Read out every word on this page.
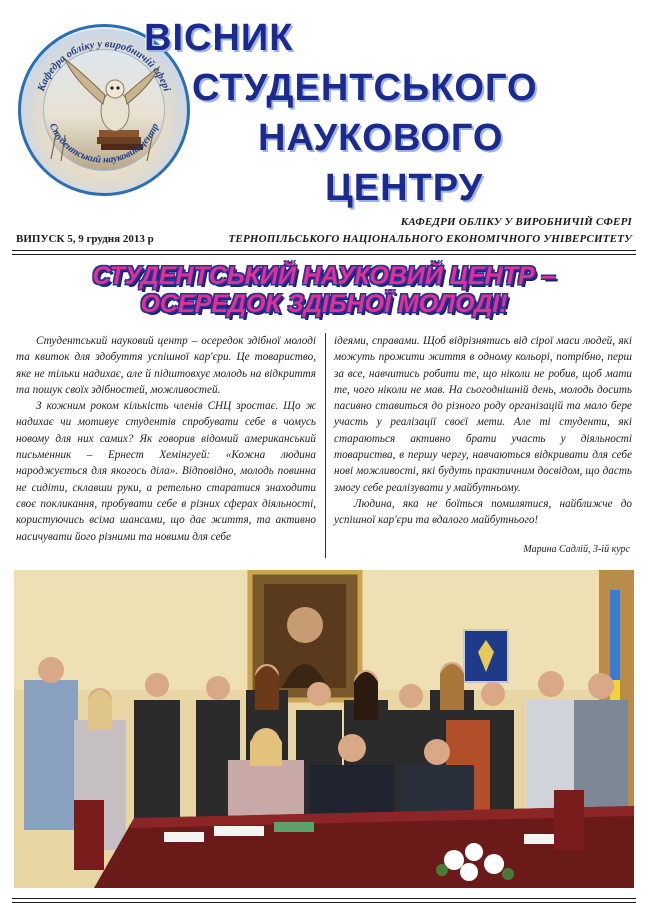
Кафедра обліку у виробничій сфері
Студентський науковий центр
ВІСНИК
СТУДЕНТСЬКОГО
НАУКОВОГО
ЦЕНТРУ
КАФЕДРИ ОБЛІКУ У ВИРОБНИЧІЙ СФЕРІ
ТЕРНОПІЛЬСЬКОГО НАЦІОНАЛЬНОГО ЕКОНОМІЧНОГО УНІВЕРСИТЕТУ
ВИПУСК 5, 9 грудня 2013 р
СТУДЕНТСЬКИЙ НАУКОВИЙ ЦЕНТР –
ОСЕРЕДОК ЗДІБНОЇ МОЛОДІ!

Студентський науковий центр – осередок здібної молоді та квиток для здобуття успішної кар'єри. Це товариство, яке не тільки надихає, але й підштовхує молодь на відкриття та пошук своїх здібностей, можливостей.

З кожним роком кількість членів СНЦ зростає. Що ж надихає чи мотивує студентів спробувати себе в чомусь новому для них самих? Як говорив відомий американський письменник – Ернест Хемінгуей: «Кожна людина народжується для якогось діла». Відповідно, молодь повинна не сидіти, склавши руки, а ретельно старатися знаходити своє покликання, пробувати себе в різних сферах діяльності, користуючись всіма шансами, що дає життя, та активно насичувати його різними та новими для себе

ідеями, справами. Щоб відрізнятись від сірої маси людей, які можуть прожити життя в одному кольорі, потрібно, перш за все, навчитись робити те, що ніколи не робив, щоб мати те, чого ніколи не мав. На сьогоднішній день, молодь досить пасивно ставиться до різного роду організацій та мало бере участь у реалізації своєї мети. Але ті студенти, які стараються активно брати участь у діяльності товариства, в першу чергу, навчаються відкривати для себе нові можливості, які будуть практичним досвідом, що дасть змогу себе реалізувати у майбутньому.

Людина, яка не боїться помилятися, найближче до успішної кар'єри та вдалого майбутнього!

Марина Садлій, 3-ій курс
